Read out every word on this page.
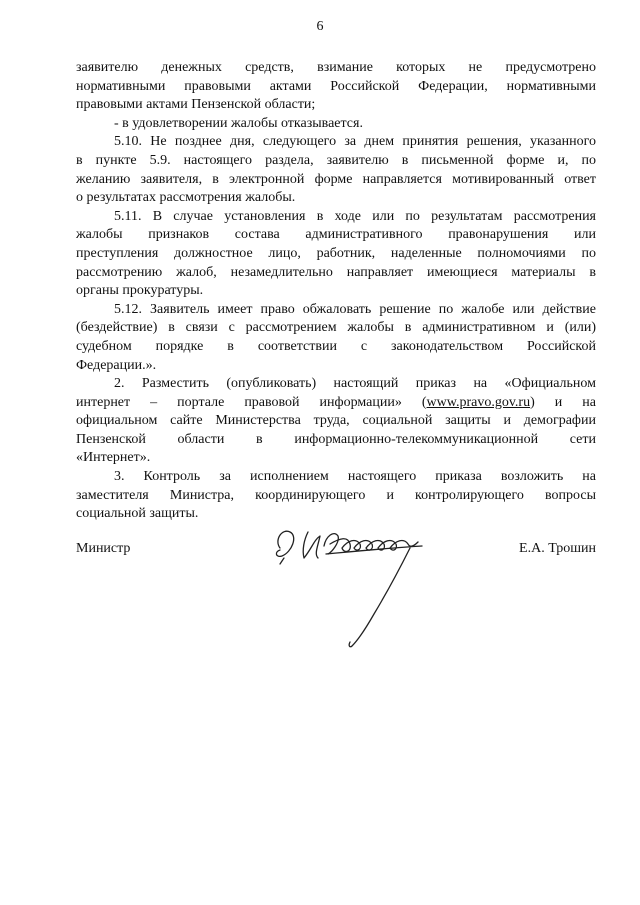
6
заявителю денежных средств, взимание которых не предусмотрено
нормативными правовыми актами Российской Федерации, нормативными
правовыми актами Пензенской области;
- в удовлетворении жалобы отказывается.
5.10. Не позднее дня, следующего за днем принятия решения, указанного
в пункте 5.9. настоящего раздела, заявителю в письменной форме и, по
желанию заявителя, в электронной форме направляется мотивированный ответ
о результатах рассмотрения жалобы.
5.11. В случае установления в ходе или по результатам рассмотрения
жалобы признаков состава административного правонарушения или
преступления должностное лицо, работник, наделенные полномочиями по
рассмотрению жалоб, незамедлительно направляет имеющиеся материалы в
органы прокуратуры.
5.12. Заявитель имеет право обжаловать решение по жалобе или действие
(бездействие) в связи с рассмотрением жалобы в административном и (или)
судебном порядке в соответствии с законодательством Российской
Федерации.».
2. Разместить (опубликовать) настоящий приказ на «Официальном
интернет – портале правовой информации» (www.pravo.gov.ru) и на
официальном сайте Министерства труда, социальной защиты и демографии
Пензенской области в информационно-телекоммуникационной сети
«Интернет».
3. Контроль за исполнением настоящего приказа возложить на
заместителя Министра, координирующего и контролирующего вопросы
социальной защиты.
Министр	Е.А. Трошин
